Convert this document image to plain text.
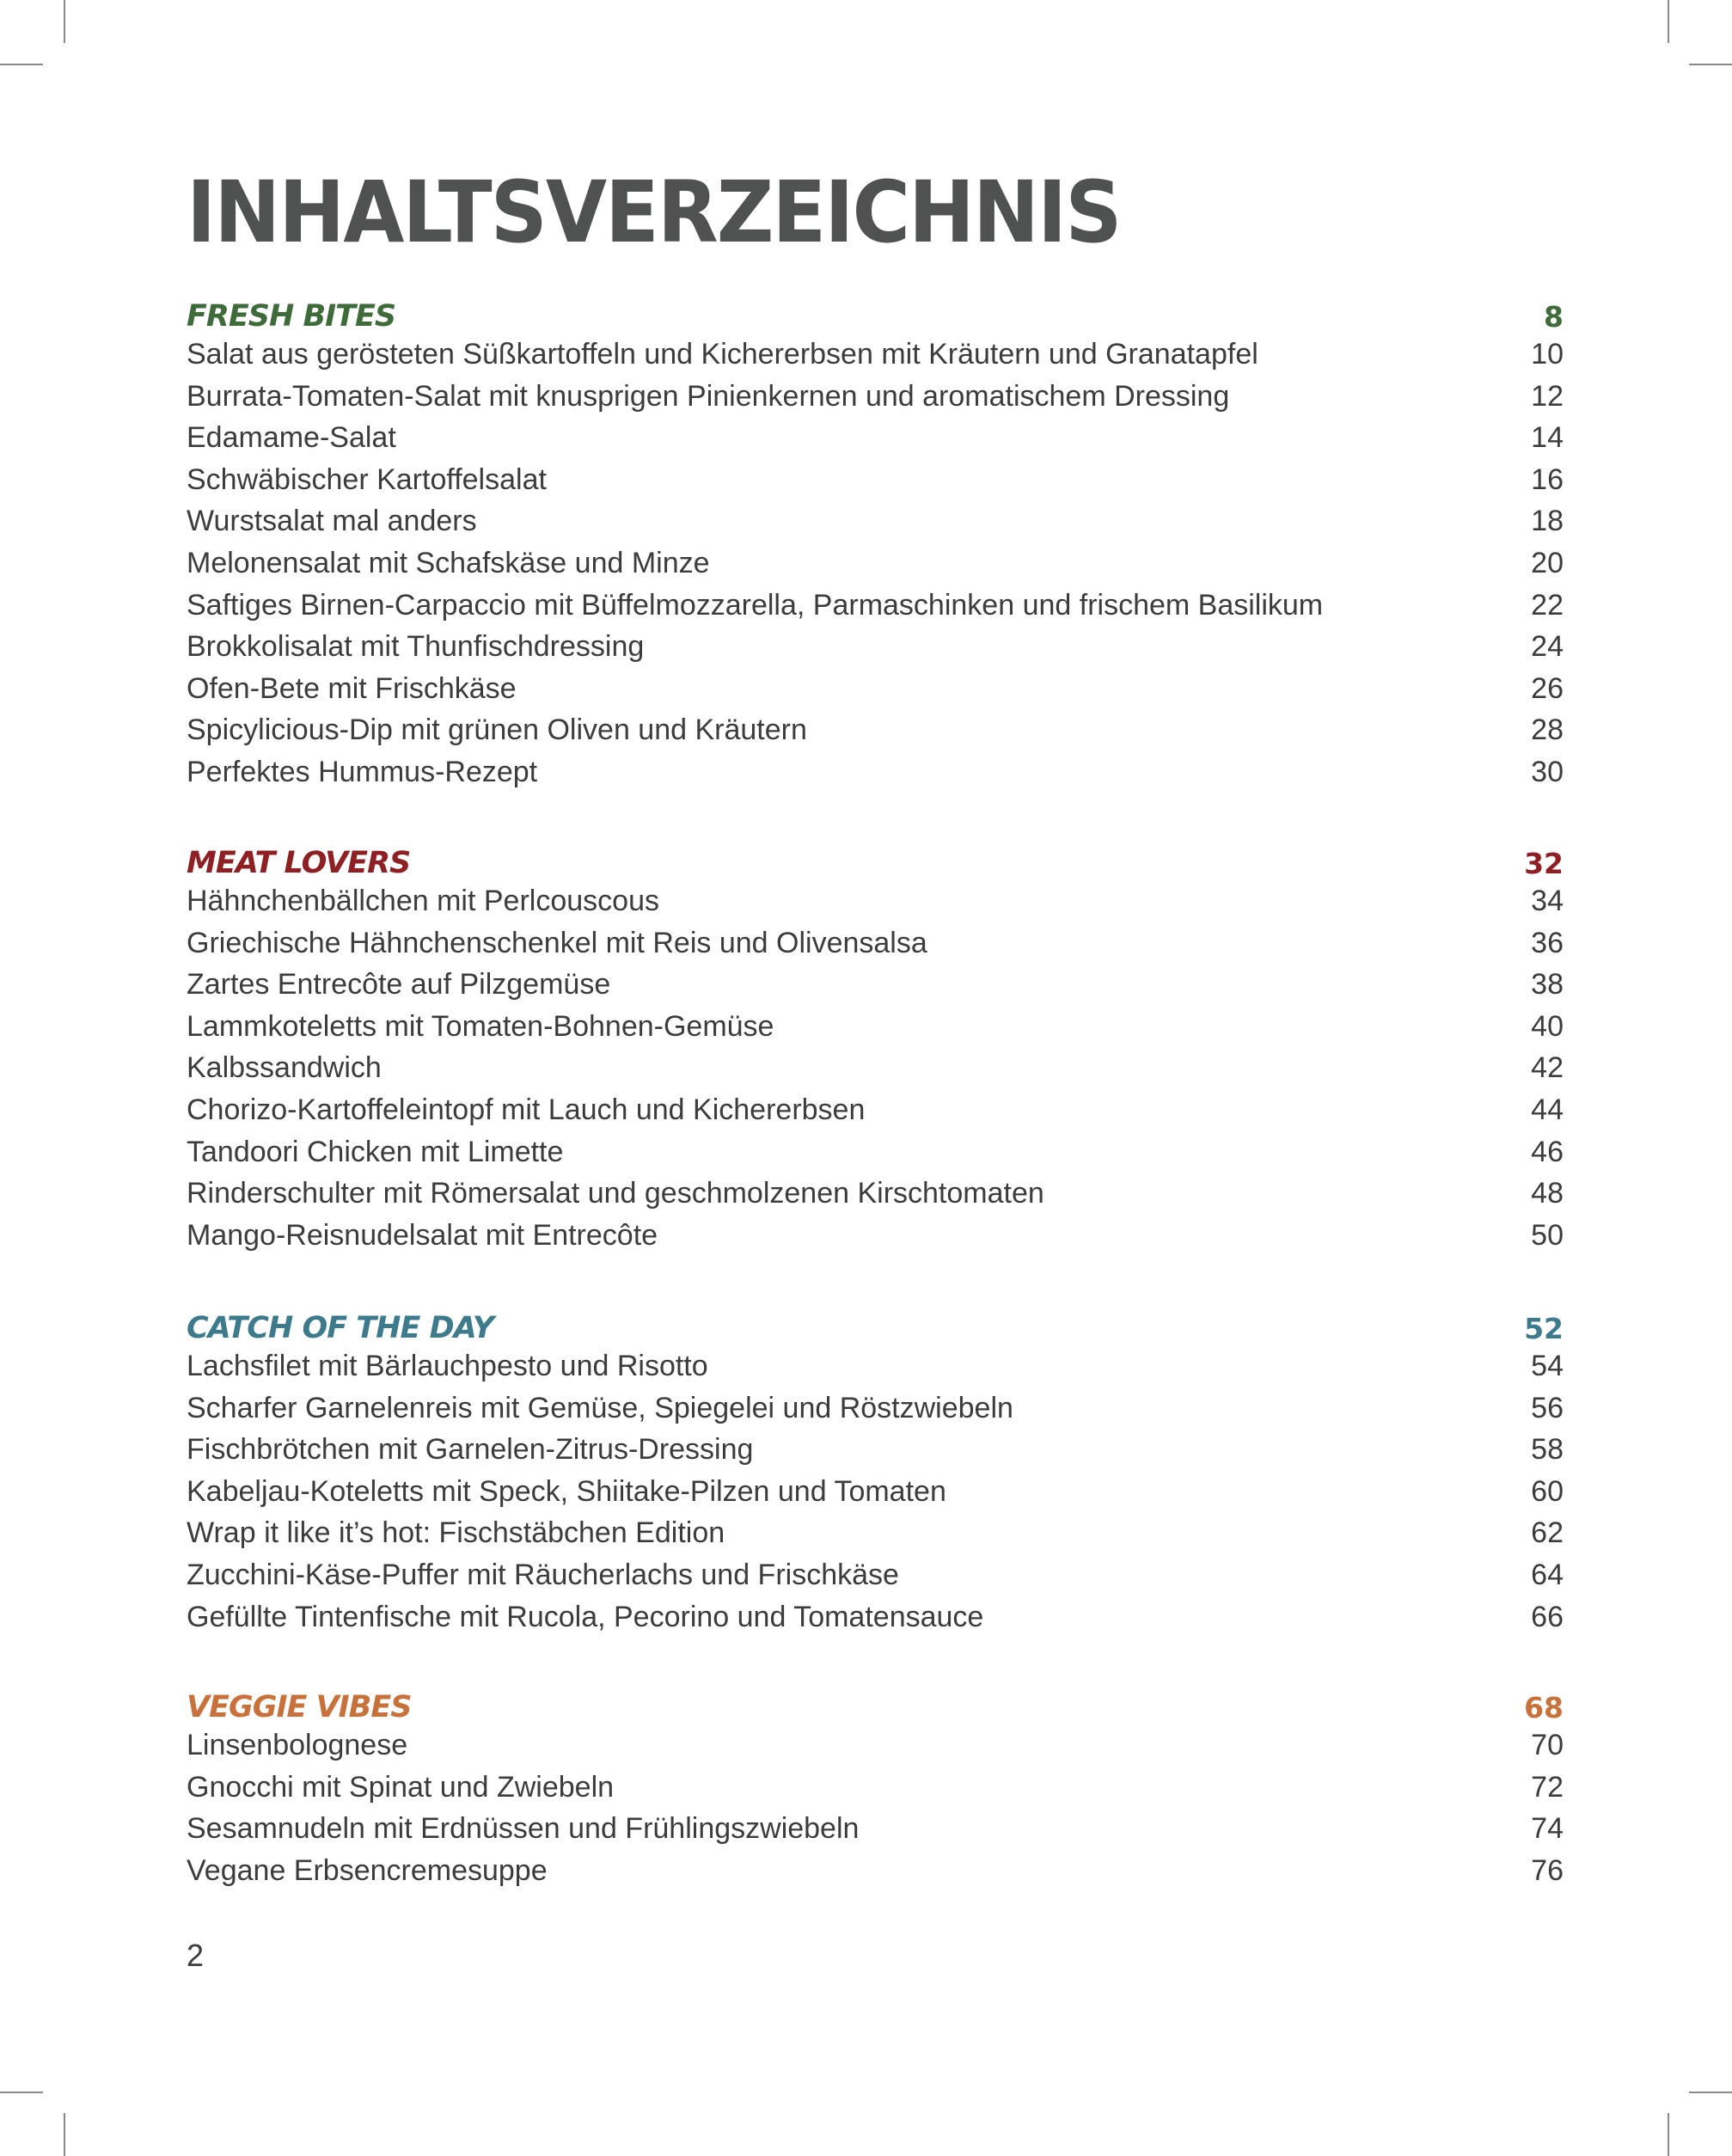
INHALTSVERZEICHNIS
FRESH BITES	8
Salat aus gerösteten Süßkartoffeln und Kichererbsen mit Kräutern und Granatapfel	10
Burrata-Tomaten-Salat mit knusprigen Pinienkernen und aromatischem Dressing	12
Edamame-Salat	14
Schwäbischer Kartoffelsalat	16
Wurstsalat mal anders	18
Melonensalat mit Schafskäse und Minze	20
Saftiges Birnen-Carpaccio mit Büffelmozzarella, Parmaschinken und frischem Basilikum	22
Brokkolisalat mit Thunfischdressing	24
Ofen-Bete mit Frischkäse	26
Spicylicious-Dip mit grünen Oliven und Kräutern	28
Perfektes Hummus-Rezept	30
MEAT LOVERS	32
Hähnchenbällchen mit Perlcouscous	34
Griechische Hähnchenschenkel mit Reis und Olivensalsa	36
Zartes Entrecôte auf Pilzgemüse	38
Lammkoteletts mit Tomaten-Bohnen-Gemüse	40
Kalbssandwich	42
Chorizo-Kartoffeleintopf mit Lauch und Kichererbsen	44
Tandoori Chicken mit Limette	46
Rinderschulter mit Römersalat und geschmolzenen Kirschtomaten	48
Mango-Reisnudelsalat mit Entrecôte	50
CATCH OF THE DAY	52
Lachsfilet mit Bärlauchpesto und Risotto	54
Scharfer Garnelenreis mit Gemüse, Spiegelei und Röstzwiebeln	56
Fischbrötchen mit Garnelen-Zitrus-Dressing	58
Kabeljau-Koteletts mit Speck, Shiitake-Pilzen und Tomaten	60
Wrap it like it’s hot: Fischstäbchen Edition	62
Zucchini-Käse-Puffer mit Räucherlachs und Frischkäse	64
Gefüllte Tintenfische mit Rucola, Pecorino und Tomatensauce	66
VEGGIE VIBES	68
Linsenbolognese	70
Gnocchi mit Spinat und Zwiebeln	72
Sesamnudeln mit Erdnüssen und Frühlingszwiebeln	74
Vegane Erbsencremesuppe	76
2
